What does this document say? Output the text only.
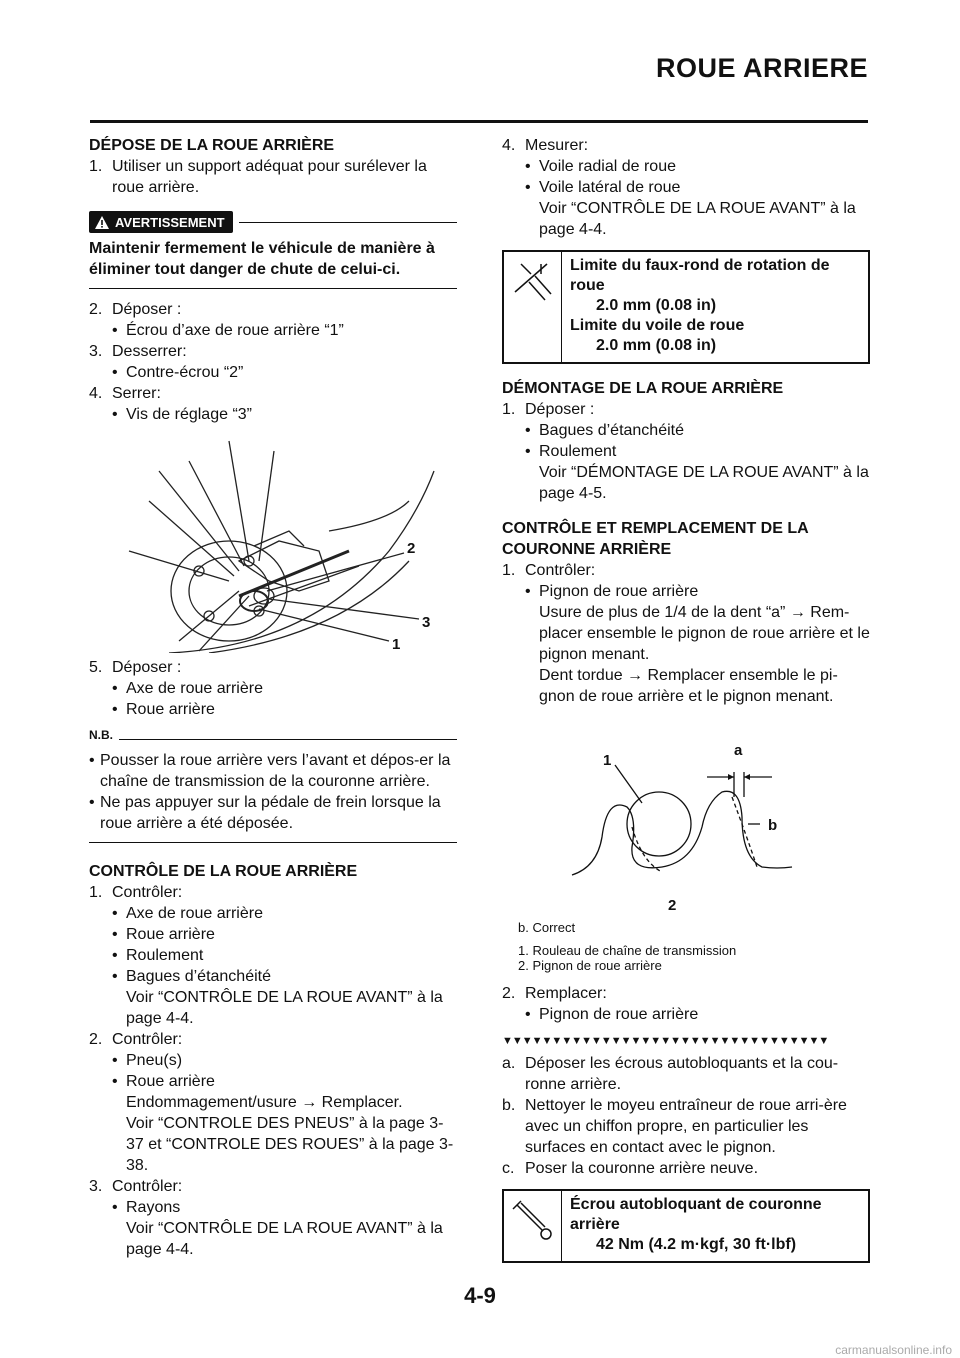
ROUE ARRIERE
DÉPOSE DE LA ROUE ARRIÈRE
1. Utiliser un support adéquat pour surélever la roue arrière.
AVERTISSEMENT
Maintenir fermement le véhicule de manière à éliminer tout danger de chute de celui-ci.
2. Déposer :
• Écrou d’axe de roue arrière “1”
3. Desserrer:
• Contre-écrou “2”
4. Serrer:
• Vis de réglage “3”
2
3
1
5. Déposer :
• Axe de roue arrière
• Roue arrière
N.B.
• Pousser la roue arrière vers l’avant et dépos-er la chaîne de transmission de la couronne arrière.
• Ne pas appuyer sur la pédale de frein lorsque la roue arrière a été déposée.
CONTRÔLE DE LA ROUE ARRIÈRE
1. Contrôler:
• Axe de roue arrière
• Roue arrière
• Roulement
• Bagues d’étanchéité
Voir “CONTRÔLE DE LA ROUE AVANT” à la page 4-4.
2. Contrôler:
• Pneu(s)
• Roue arrière
Endommagement/usure → Remplacer.
Voir “CONTROLE DES PNEUS” à la page 3-37 et “CONTROLE DES ROUES” à la page 3-38.
3. Contrôler:
• Rayons
Voir “CONTRÔLE DE LA ROUE AVANT” à la page 4-4.
4. Mesurer:
• Voile radial de roue
• Voile latéral de roue
Voir “CONTRÔLE DE LA ROUE AVANT” à la page 4-4.
Limite du faux-rond de rotation de roue
2.0 mm (0.08 in)
Limite du voile de roue
2.0 mm (0.08 in)
DÉMONTAGE DE LA ROUE ARRIÈRE
1. Déposer :
• Bagues d’étanchéité
• Roulement
Voir “DÉMONTAGE DE LA ROUE AVANT” à la page 4-5.
CONTRÔLE ET REMPLACEMENT DE LA COURONNE ARRIÈRE
1. Contrôler:
• Pignon de roue arrière
Usure de plus de 1/4 de la dent “a” → Rem-placer ensemble le pignon de roue arrière et le pignon menant.
Dent tordue → Remplacer ensemble le pi-gnon de roue arrière et le pignon menant.
1
a
b
2
b. Correct
1. Rouleau de chaîne de transmission
2. Pignon de roue arrière
2. Remplacer:
• Pignon de roue arrière
▼▼▼▼▼▼▼▼▼▼▼▼▼▼▼▼▼▼▼▼▼▼▼▼▼▼▼▼▼▼▼▼▼
a. Déposer les écrous autobloquants et la cou-ronne arrière.
b. Nettoyer le moyeu entraîneur de roue arri-ère avec un chiffon propre, en particulier les surfaces en contact avec le pignon.
c. Poser la couronne arrière neuve.
Écrou autobloquant de couronne arrière
42 Nm (4.2 m·kgf, 30 ft·lbf)
4-9
carmanualsonline.info
